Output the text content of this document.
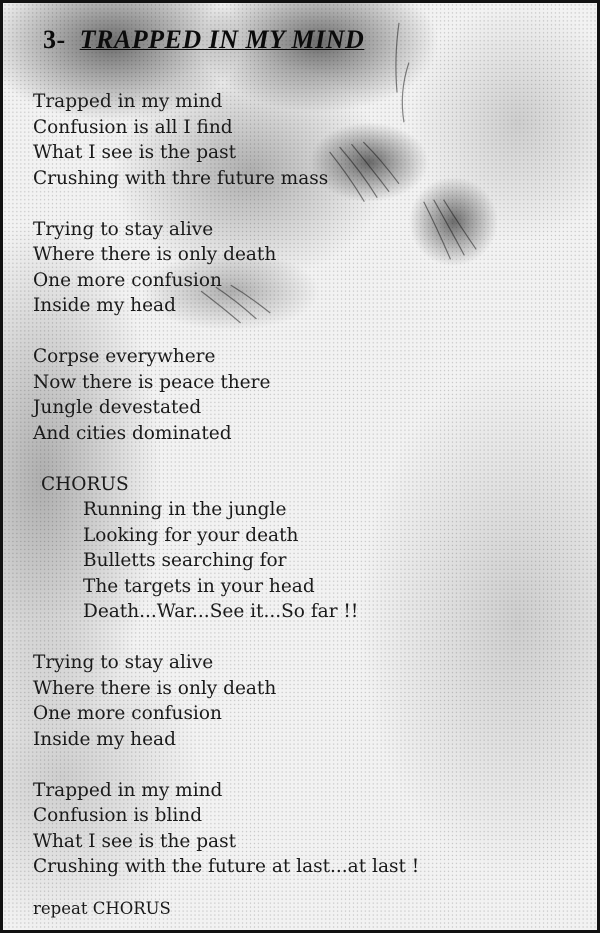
3- TRAPPED IN MY MIND
Trapped in my mind
Confusion is all I find
What I see is the past
Crushing with thre future mass
Trying to stay alive
Where there is only death
One more confusion
Inside my head
Corpse everywhere
Now there is peace there
Jungle devestated
And cities dominated
CHORUS
Running in the jungle
Looking for your death
Bulletts searching for
The targets in your head
Death...War...See it...So far !!
Trying to stay alive
Where there is only death
One more confusion
Inside my head
Trapped in my mind
Confusion is blind
What I see is the past
Crushing with the future at last...at last !
repeat CHORUS
